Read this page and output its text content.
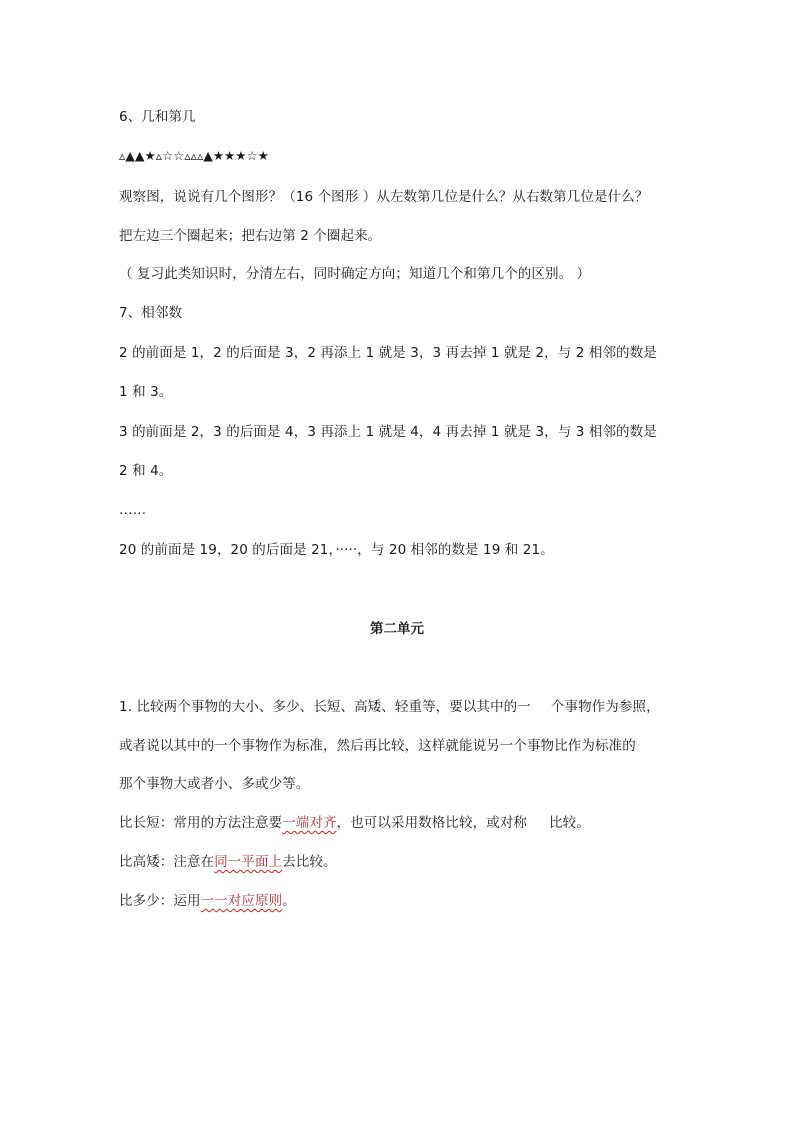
6、几和第几
▵▲▲★▵☆☆▵▵▵▲★★★☆★
观察图，说说有几个图形？（16 个图形 ）从左数第几位是什么？从右数第几位是什么？
把左边三个圈起来；把右边第 2 个圈起来。
（ 复习此类知识时，分清左右，同时确定方向；知道几个和第几个的区别。 ）
7、相邻数
2 的前面是 1，2 的后面是 3，2 再添上 1 就是 3，3 再去掉 1 就是 2，与 2 相邻的数是
1 和 3。
3 的前面是 2，3 的后面是 4，3 再添上 1 就是 4，4 再去掉 1 就是 3，与 3 相邻的数是
2 和 4。
……
20 的前面是 19，20 的后面是 21，·····，与 20 相邻的数是 19 和 21。
第二单元
1. 比较两个事物的大小、多少、长短、高矮、轻重等，要以其中的一 个事物作为参照，
或者说以其中的一个事物作为标准，然后再比较，这样就能说另一个事物比作为标准的
那个事物大或者小、多或少等。
比长短：常用的方法注意要一端对齐，也可以采用数格比较，或对称 比较。
比高矮：注意在同一平面上去比较。
比多少：运用一一对应原则。
